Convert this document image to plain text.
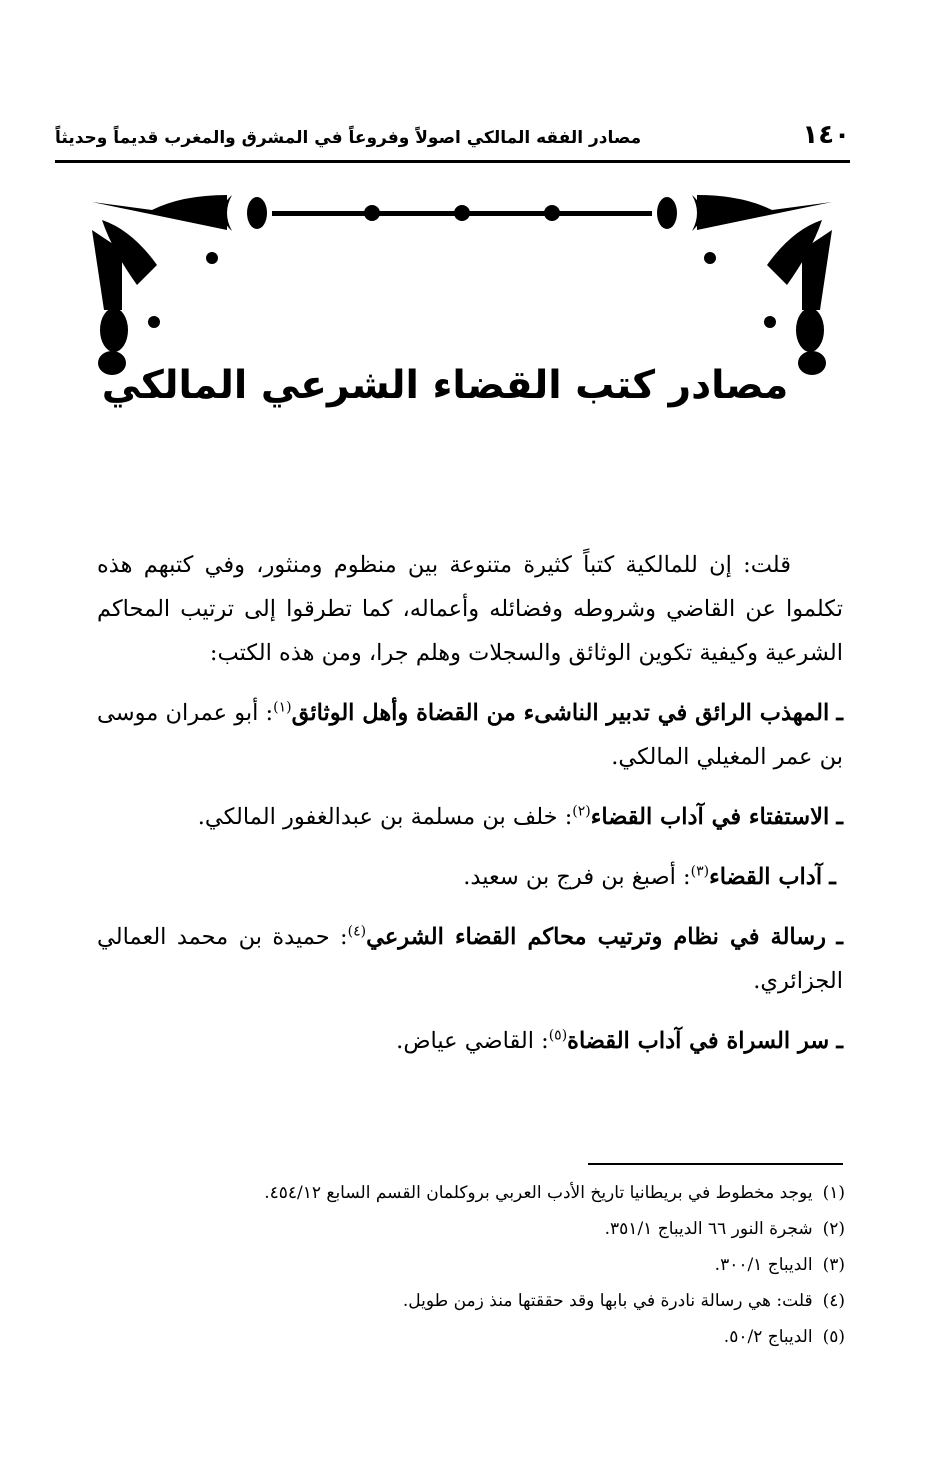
١٤٠
مصادر الفقه المالكي اصولاً وفروعاً في المشرق والمغرب قديماً وحديثاً
مصادر كتب القضاء الشرعي المالكي

قلت: إن للمالكية كتباً كثيرة متنوعة بين منظوم ومنثور، وفي كتبهم هذه تكلموا عن القاضي وشروطه وفضائله وأعماله، كما تطرقوا إلى ترتيب المحاكم الشرعية وكيفية تكوين الوثائق والسجلات وهلم جرا، ومن هذه الكتب:

ـ المهذب الرائق في تدبير الناشىء من القضاة وأهل الوثائق$^{(١)}$: أبو عمران موسى بن عمر المغيلي المالكي.

ـ الاستفتاء في آداب القضاء$^{(٢)}$: خلف بن مسلمة بن عبدالغفور المالكي.

ـ آداب القضاء$^{(٣)}$: أصبغ بن فرج بن سعيد.

ـ رسالة في نظام وترتيب محاكم القضاء الشرعي$^{(٤)}$: حميدة بن محمد العمالي الجزائري.

ـ سر السراة في آداب القضاة$^{(٥)}$: القاضي عياض.

(١)
يوجد مخطوط في بريطانيا تاريخ الأدب العربي بروكلمان القسم السابع ٤٥٤/١٢.
(٢)
شجرة النور ٦٦ الديباج ٣٥١/١.
(٣)
الديباج ٣٠٠/١.
(٤)
قلت: هي رسالة نادرة في بابها وقد حققتها منذ زمن طويل.
(٥)
الديباج ٥٠/٢.
